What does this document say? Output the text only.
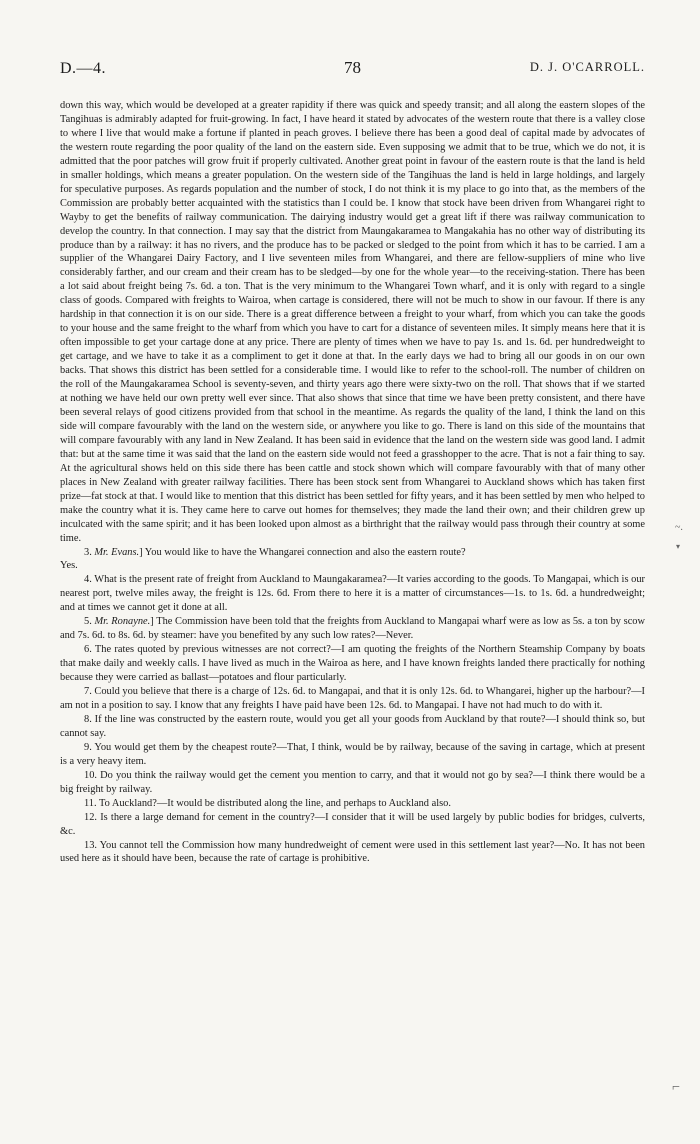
D.—4.	78	D. J. O'CARROLL.

down this way, which would be developed at a greater rapidity if there was quick and speedy transit; and all along the eastern slopes of the Tangihuas is admirably adapted for fruit-growing. In fact, I have heard it stated by advocates of the western route that there is a valley close to where I live that would make a fortune if planted in peach groves. I believe there has been a good deal of capital made by advocates of the western route regarding the poor quality of the land on the eastern side. Even supposing we admit that to be true, which we do not, it is admitted that the poor patches will grow fruit if properly cultivated. Another great point in favour of the eastern route is that the land is held in smaller holdings, which means a greater population. On the western side of the Tangihuas the land is held in large holdings, and largely for speculative purposes. As regards population and the number of stock, I do not think it is my place to go into that, as the members of the Commission are probably better acquainted with the statistics than I could be. I know that stock have been driven from Whangarei right to Wayby to get the benefits of railway communication. The dairying industry would get a great lift if there was railway communication to develop the country. In that connection. I may say that the district from Maungakaramea to Mangakahia has no other way of distributing its produce than by a railway: it has no rivers, and the produce has to be packed or sledged to the point from which it has to be carried. I am a supplier of the Whangarei Dairy Factory, and I live seventeen miles from Whangarei, and there are fellow-suppliers of mine who live considerably farther, and our cream and their cream has to be sledged—by one for the whole year—to the receiving-station. There has been a lot said about freight being 7s. 6d. a ton. That is the very minimum to the Whangarei Town wharf, and it is only with regard to a single class of goods. Compared with freights to Wairoa, when cartage is considered, there will not be much to show in our favour. If there is any hardship in that connection it is on our side. There is a great difference between a freight to your wharf, from which you can take the goods to your house and the same freight to the wharf from which you have to cart for a distance of seventeen miles. It simply means here that it is often impossible to get your cartage done at any price. There are plenty of times when we have to pay 1s. and 1s. 6d. per hundredweight to get cartage, and we have to take it as a compliment to get it done at that. In the early days we had to bring all our goods in on our own backs. That shows this district has been settled for a considerable time. I would like to refer to the school-roll. The number of children on the roll of the Maungakaramea School is seventy-seven, and thirty years ago there were sixty-two on the roll. That shows that if we started at nothing we have held our own pretty well ever since. That also shows that since that time we have been pretty consistent, and there have been several relays of good citizens provided from that school in the meantime. As regards the quality of the land, I think the land on this side will compare favourably with the land on the western side, or anywhere you like to go. There is land on this side of the mountains that will compare favourably with any land in New Zealand. It has been said in evidence that the land on the western side was good land. I admit that: but at the same time it was said that the land on the eastern side would not feed a grasshopper to the acre. That is not a fair thing to say. At the agricultural shows held on this side there has been cattle and stock shown which will compare favourably with that of many other places in New Zealand with greater railway facilities. There has been stock sent from Whangarei to Auckland shows which has taken first prize—fat stock at that. I would like to mention that this district has been settled for fifty years, and it has been settled by men who helped to make the country what it is. They came here to carve out homes for themselves; they made the land their own; and their children grew up inculcated with the same spirit; and it has been looked upon almost as a birthright that the railway would pass through their country at some time.

3. Mr. Evans.] You would like to have the Whangarei connection and also the eastern route?

Yes.

4. What is the present rate of freight from Auckland to Maungakaramea?—It varies according to the goods. To Mangapai, which is our nearest port, twelve miles away, the freight is 12s. 6d. From there to here it is a matter of circumstances—1s. to 1s. 6d. a hundredweight; and at times we cannot get it done at all.

5. Mr. Ronayne.] The Commission have been told that the freights from Auckland to Mangapai wharf were as low as 5s. a ton by scow and 7s. 6d. to 8s. 6d. by steamer: have you benefited by any such low rates?—Never.

6. The rates quoted by previous witnesses are not correct?—I am quoting the freights of the Northern Steamship Company by boats that make daily and weekly calls. I have lived as much in the Wairoa as here, and I have known freights landed there practically for nothing because they were carried as ballast—potatoes and flour particularly.

7. Could you believe that there is a charge of 12s. 6d. to Mangapai, and that it is only 12s. 6d. to Whangarei, higher up the harbour?—I am not in a position to say. I know that any freights I have paid have been 12s. 6d. to Mangapai. I have not had much to do with it.

8. If the line was constructed by the eastern route, would you get all your goods from Auckland by that route?—I should think so, but cannot say.

9. You would get them by the cheapest route?—That, I think, would be by railway, because of the saving in cartage, which at present is a very heavy item.

10. Do you think the railway would get the cement you mention to carry, and that it would not go by sea?—I think there would be a big freight by railway.

11. To Auckland?—It would be distributed along the line, and perhaps to Auckland also.

12. Is there a large demand for cement in the country?—I consider that it will be used largely by public bodies for bridges, culverts, &c.

13. You cannot tell the Commission how many hundredweight of cement were used in this settlement last year?—No. It has not been used here as it should have been, because the rate of cartage is prohibitive.

~.
▾
⌐
